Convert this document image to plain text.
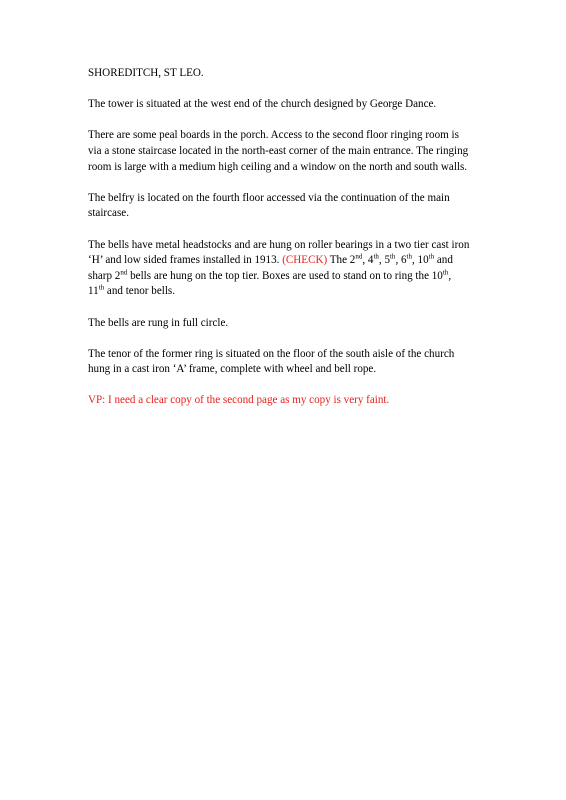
SHOREDITCH, ST LEO.

The tower is situated at the west end of the church designed by George Dance.

There are some peal boards in the porch. Access to the second floor ringing room is
via a stone staircase located in the north-east corner of the main entrance. The ringing
room is large with a medium high ceiling and a window on the north and south walls.

The belfry is located on the fourth floor accessed via the continuation of the main
staircase.

The bells have metal headstocks and are hung on roller bearings in a two tier cast iron
‘H’ and low sided frames installed in 1913. (CHECK) The 2nd, 4th, 5th, 6th, 10th and
sharp 2nd bells are hung on the top tier. Boxes are used to stand on to ring the 10th,
11th and tenor bells.

The bells are rung in full circle.

The tenor of the former ring is situated on the floor of the south aisle of the church
hung in a cast iron ‘A’ frame, complete with wheel and bell rope.

VP: I need a clear copy of the second page as my copy is very faint.
